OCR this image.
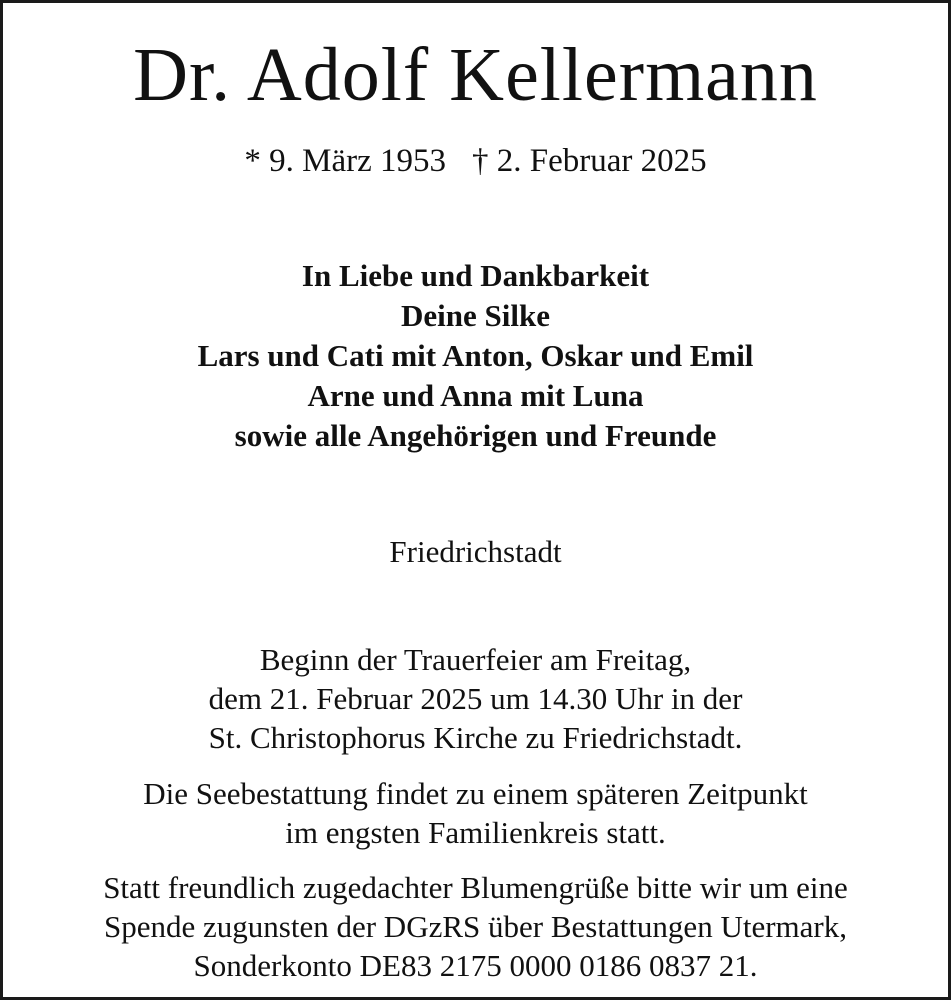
Dr. Adolf Kellermann
* 9. März 1953 † 2. Februar 2025
In Liebe und Dankbarkeit
Deine Silke
Lars und Cati mit Anton, Oskar und Emil
Arne und Anna mit Luna
sowie alle Angehörigen und Freunde
Friedrichstadt
Beginn der Trauerfeier am Freitag,
dem 21. Februar 2025 um 14.30 Uhr in der
St. Christophorus Kirche zu Friedrichstadt.
Die Seebestattung findet zu einem späteren Zeitpunkt
im engsten Familienkreis statt.
Statt freundlich zugedachter Blumengrüße bitte wir um eine
Spende zugunsten der DGzRS über Bestattungen Utermark,
Sonderkonto DE83 2175 0000 0186 0837 21.
